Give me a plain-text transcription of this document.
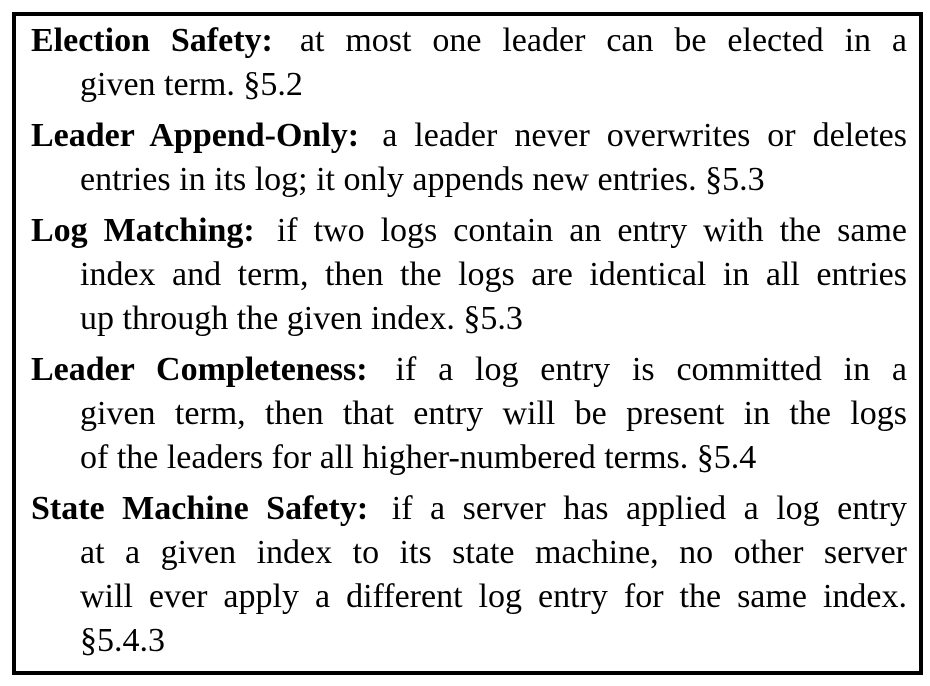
Election Safety: at most one leader can be elected in a
given term. §5.2
Leader Append-Only: a leader never overwrites or deletes
entries in its log; it only appends new entries. §5.3
Log Matching: if two logs contain an entry with the same
index and term, then the logs are identical in all entries
up through the given index. §5.3
Leader Completeness: if a log entry is committed in a
given term, then that entry will be present in the logs
of the leaders for all higher-numbered terms. §5.4
State Machine Safety: if a server has applied a log entry
at a given index to its state machine, no other server
will ever apply a different log entry for the same index.
§5.4.3
